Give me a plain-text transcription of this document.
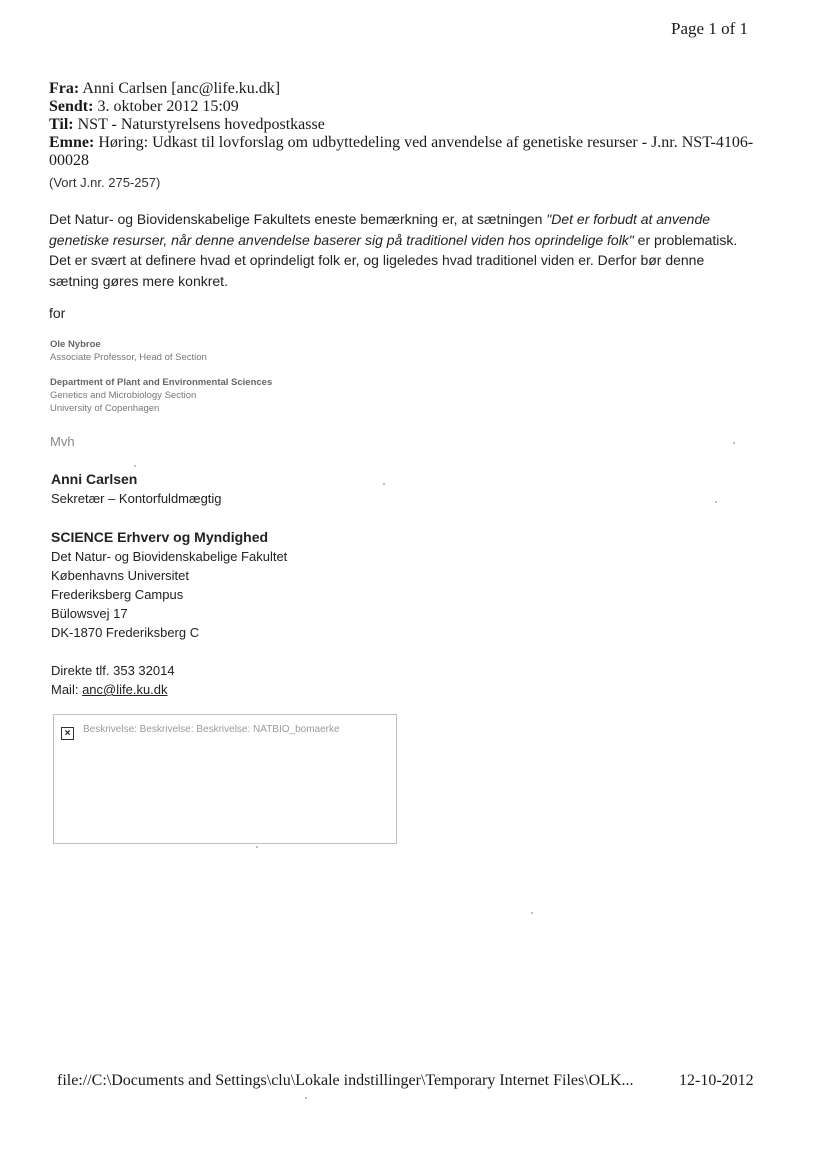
Page 1 of 1
Fra: Anni Carlsen [anc@life.ku.dk]
Sendt: 3. oktober 2012 15:09
Til: NST - Naturstyrelsens hovedpostkasse
Emne: Høring: Udkast til lovforslag om udbyttedeling ved anvendelse af genetiske resurser - J.nr. NST-4106-00028
(Vort J.nr. 275-257)
Det Natur- og Biovidenskabelige Fakultets eneste bemærkning er, at sætningen "Det er forbudt at anvende genetiske resurser, når denne anvendelse baserer sig på traditionel viden hos oprindelige folk" er problematisk. Det er svært at definere hvad et oprindeligt folk er, og ligeledes hvad traditionel viden er. Derfor bør denne sætning gøres mere konkret.
for
Ole Nybroe
Associate Professor, Head of Section
Department of Plant and Environmental Sciences
Genetics and Microbiology Section
University of Copenhagen
Mvh
Anni Carlsen
Sekretær – Kontorfuldmægtig
SCIENCE Erhverv og Myndighed
Det Natur- og Biovidenskabelige Fakultet
Københavns Universitet
Frederiksberg Campus
Bülowsvej 17
DK-1870 Frederiksberg C
Direkte tlf. 353 32014
Mail: anc@life.ku.dk
×	Beskrivelse: Beskrivelse: Beskrivelse: NATBIO_bomaerke
file://C:\Documents and Settings\clu\Lokale indstillinger\Temporary Internet Files\OLK...	12-10-2012
